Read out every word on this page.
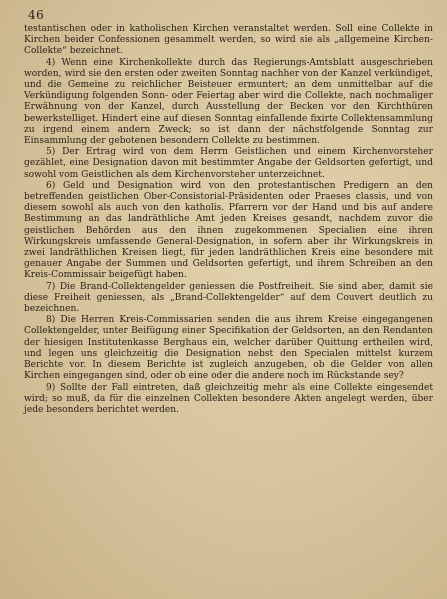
46

testantischen oder in katholischen Kirchen veranstaltet werden. Soll eine Collekte in Kirchen beider Confessionen gesammelt werden, so wird sie als „allgemeine Kirchen-Collekte“ bezeichnet.

4) Wenn eine Kirchenkollekte durch das Regierungs-Amtsblatt ausgeschrieben worden, wird sie den ersten oder zweiten Sonntag nachher von der Kanzel verkündiget, und die Gemeine zu reichlicher Beisteuer ermuntert; an dem unmittelbar auf die Verkündigung folgenden Sonn- oder Feiertag aber wird die Collekte, nach nochmaliger Erwähnung von der Kanzel, durch Ausstellung der Becken vor den Kirchthüren bewerkstelliget. Hindert eine auf diesen Sonntag einfallende fixirte Collektensammlung zu irgend einem andern Zweck; so ist dann der nächstfolgende Sonntag zur Einsammlung der gebotenen besondern Collekte zu bestimmen.

5) Der Ertrag wird von dem Herrn Geistlichen und einem Kirchenvorsteher gezählet, eine Designation davon mit bestimmter Angabe der Geldsorten gefertigt, und sowohl vom Geistlichen als dem Kirchenvorsteher unterzeichnet.

6) Geld und Designation wird von den protestantischen Predigern an den betreffenden geistlichen Ober-Consistorial-Präsidenten oder Praeses classis, und von diesem sowohl als auch von den katholis. Pfarrern vor der Hand und bis auf andere Bestimmung an das landräthliche Amt jeden Kreises gesandt, nachdem zuvor die geistlichen Behörden aus den ihnen zugekommenen Specialien eine ihren Wirkungskreis umfassende General-Designation, in sofern aber ihr Wirkungskreis in zwei landräthlichen Kreisen liegt, für jeden landräthlichen Kreis eine besondere mit genauer Angabe der Summen und Geldsorten gefertigt, und ihrem Schreiben an den Kreis-Commissair beigefügt haben.

7) Die Brand-Collektengelder geniessen die Postfreiheit. Sie sind aber, damit sie diese Freiheit geniessen, als „Brand-Collektengelder“ auf dem Couvert deutlich zu bezeichnen.

8) Die Herren Kreis-Commissarien senden die aus ihrem Kreise eingegangenen Collektengelder, unter Beifügung einer Specifikation der Geldsorten, an den Rendanten der hiesigen Institutenkasse Berghaus ein, welcher darüber Quittung ertheilen wird, und legen uns gleichzeitig die Designation nebst den Specialen mittelst kurzem Berichte vor. In diesem Berichte ist zugleich anzugeben, ob die Gelder von allen Kirchen eingegangen sind, oder ob eine oder die andere noch im Rückstande sey?

9) Sollte der Fall eintreten, daß gleichzeitig mehr als eine Collekte eingesendet wird; so muß, da für die einzelnen Collekten besondere Akten angelegt werden, über jede besonders berichtet werden.
